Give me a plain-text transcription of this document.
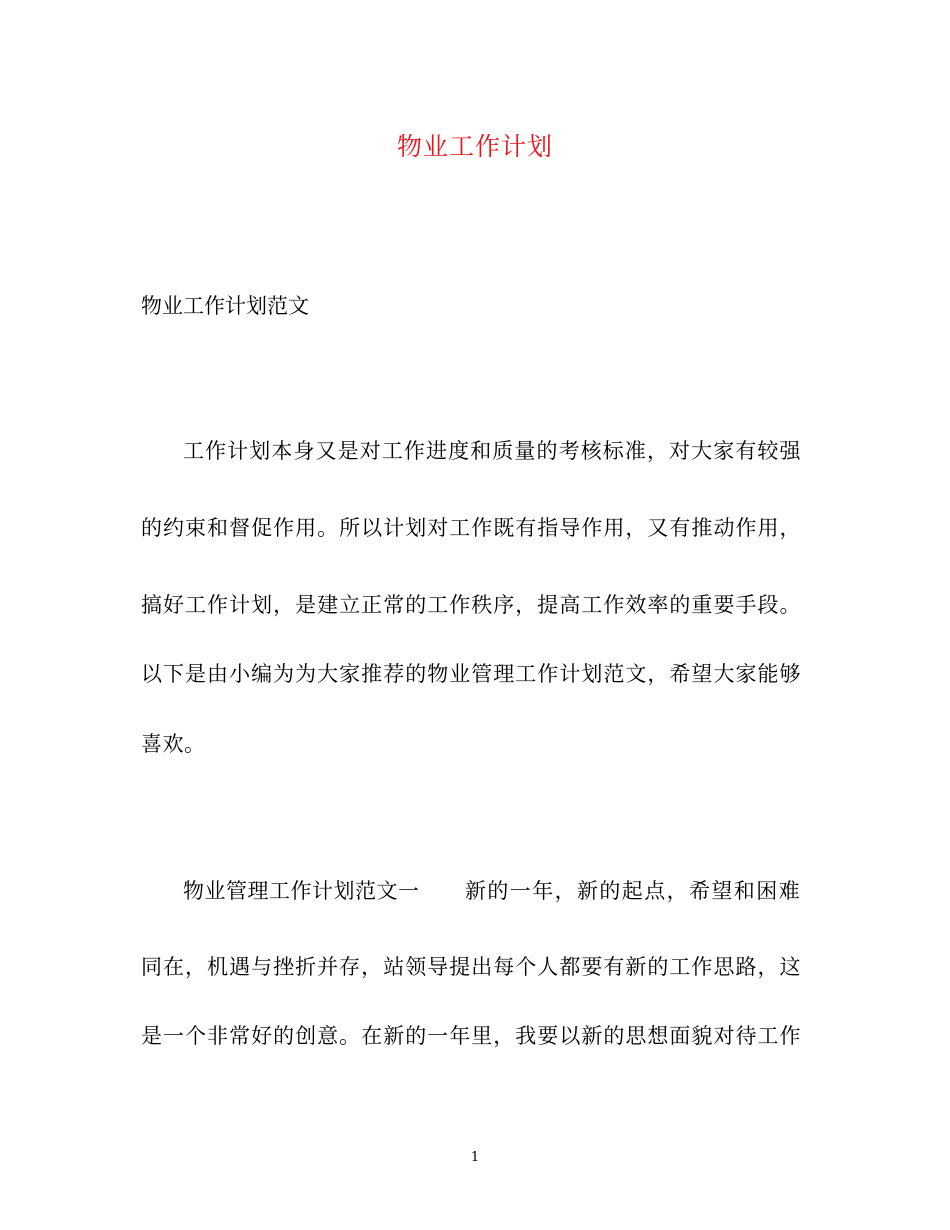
物业工作计划
物业工作计划范文
工作计划本身又是对工作进度和质量的考核标准，对大家有较强
的约束和督促作用。所以计划对工作既有指导作用，又有推动作用，
搞好工作计划，是建立正常的工作秩序，提高工作效率的重要手段。
以下是由小编为为大家推荐的物业管理工作计划范文，希望大家能够
喜欢。
物业管理工作计划范文一 新的一年，新的起点，希望和困难
同在，机遇与挫折并存，站领导提出每个人都要有新的工作思路，这
是一个非常好的创意。在新的一年里，我要以新的思想面貌对待工作
1
